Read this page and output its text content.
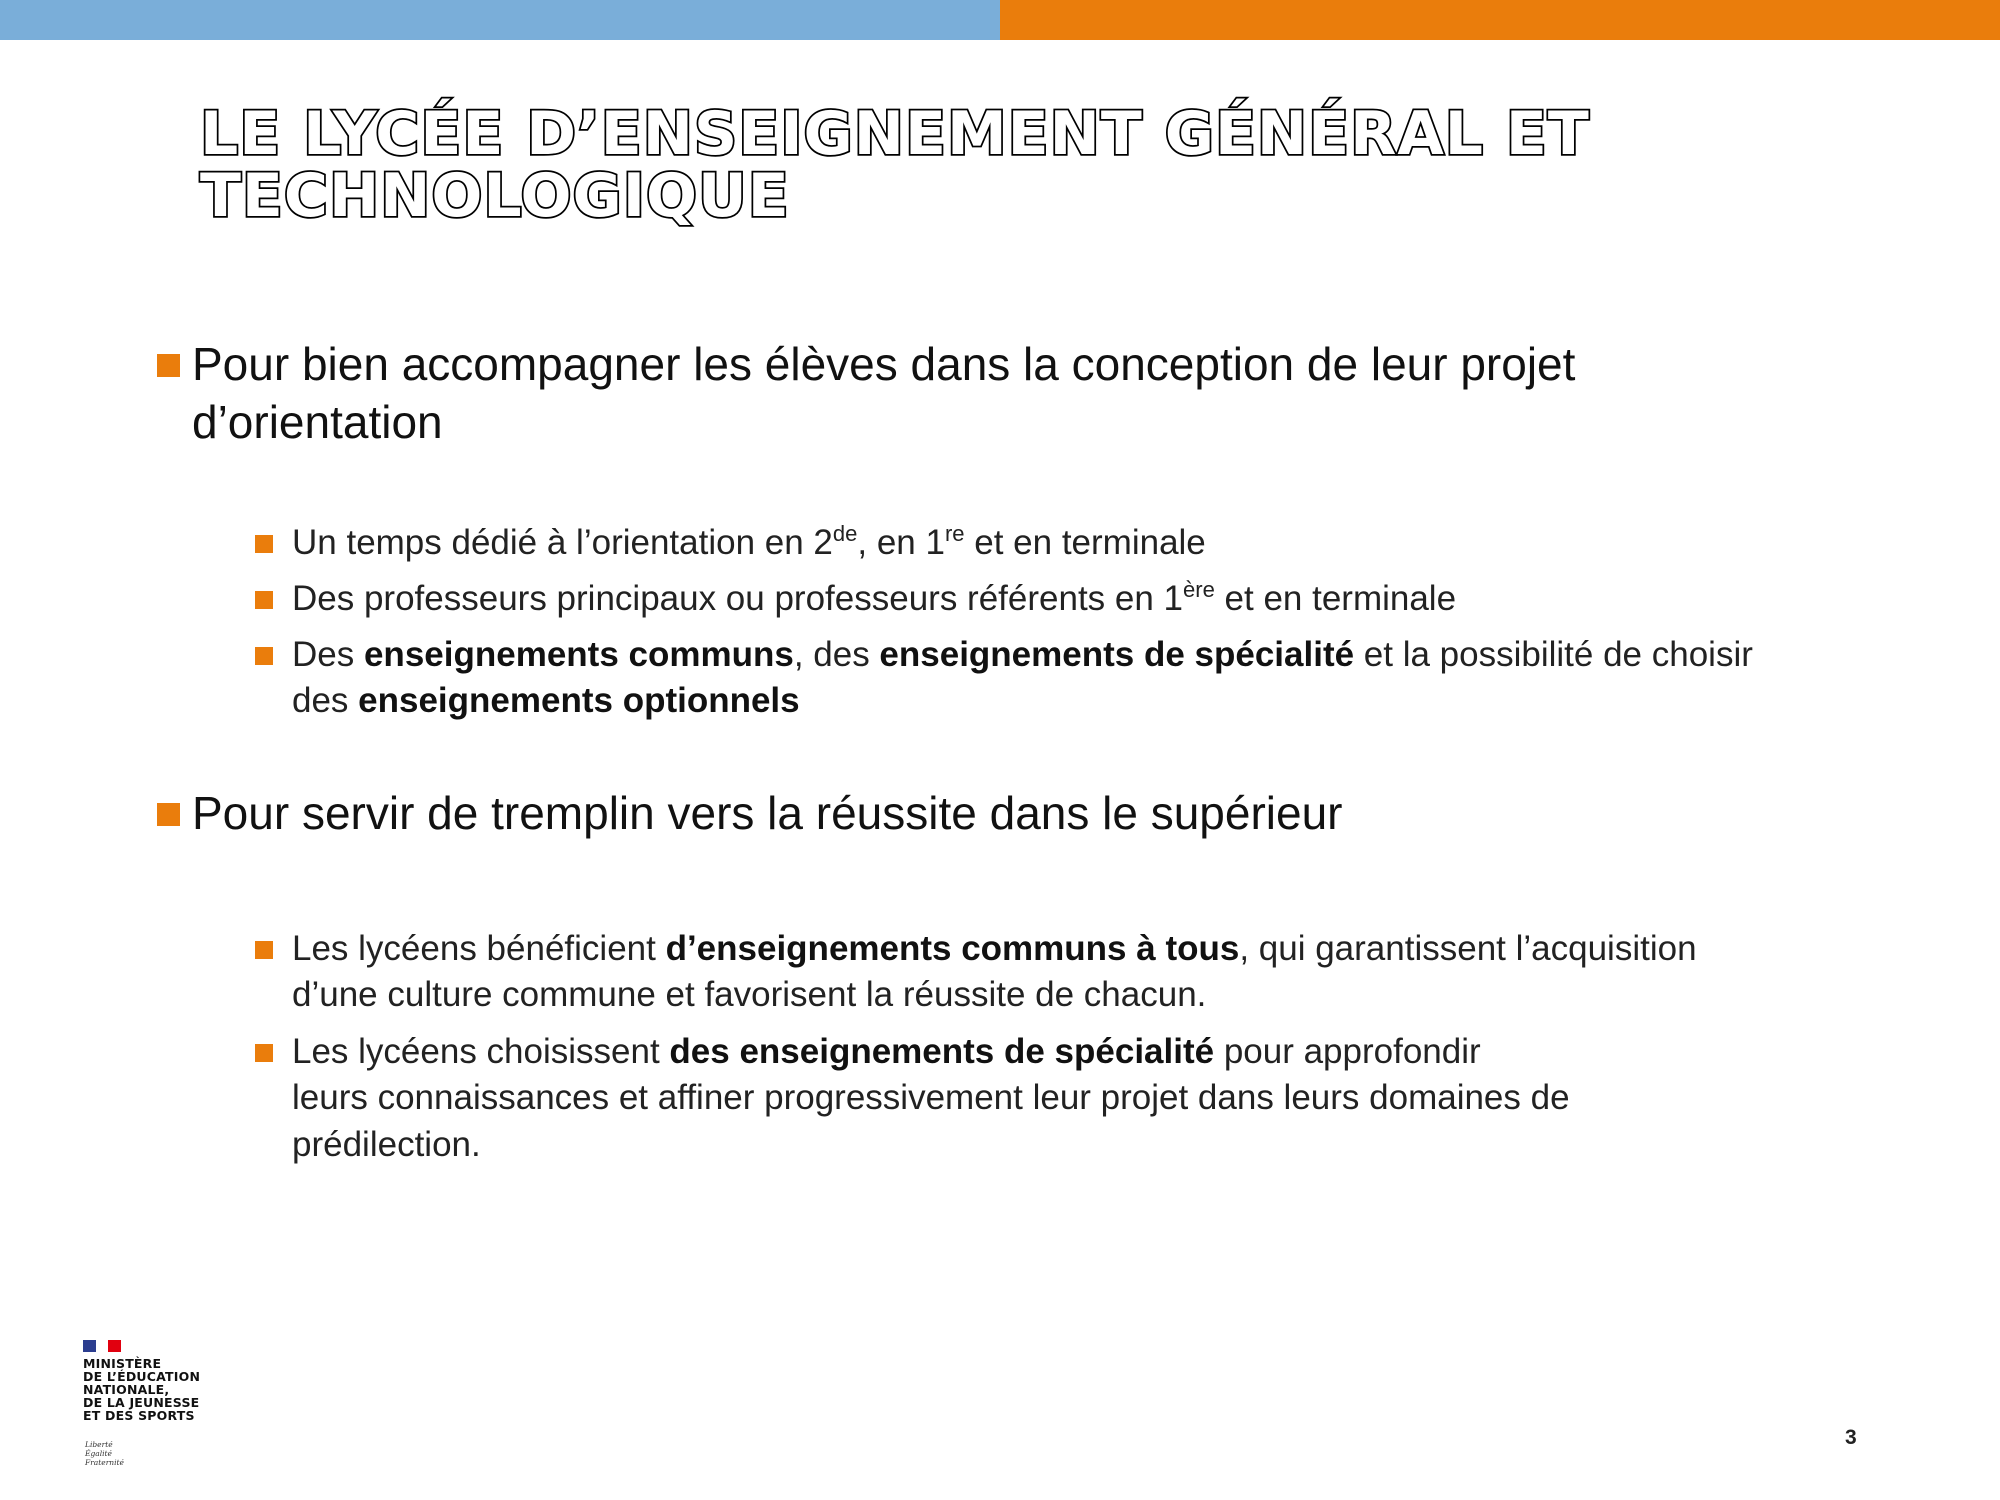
LE LYCÉE D’ENSEIGNEMENT GÉNÉRAL ET
TECHNOLOGIQUE
Pour bien accompagner les élèves dans la conception de leur projet
d’orientation
Un temps dédié à l’orientation en 2de, en 1re et en terminale
Des professeurs principaux ou professeurs référents en 1ère et en terminale
Des enseignements communs, des enseignements de spécialité et la possibilité de choisir
des enseignements optionnels
Pour servir de tremplin vers la réussite dans le supérieur
Les lycéens bénéficient d’enseignements communs à tous, qui garantissent l’acquisition
d’une culture commune et favorisent la réussite de chacun.
Les lycéens choisissent des enseignements de spécialité pour approfondir
leurs connaissances et affiner progressivement leur projet dans leurs domaines de
prédilection.
MINISTÈRE
DE L’ÉDUCATION
NATIONALE,
DE LA JEUNESSE
ET DES SPORTS
Liberté
Égalité
Fraternité
3
